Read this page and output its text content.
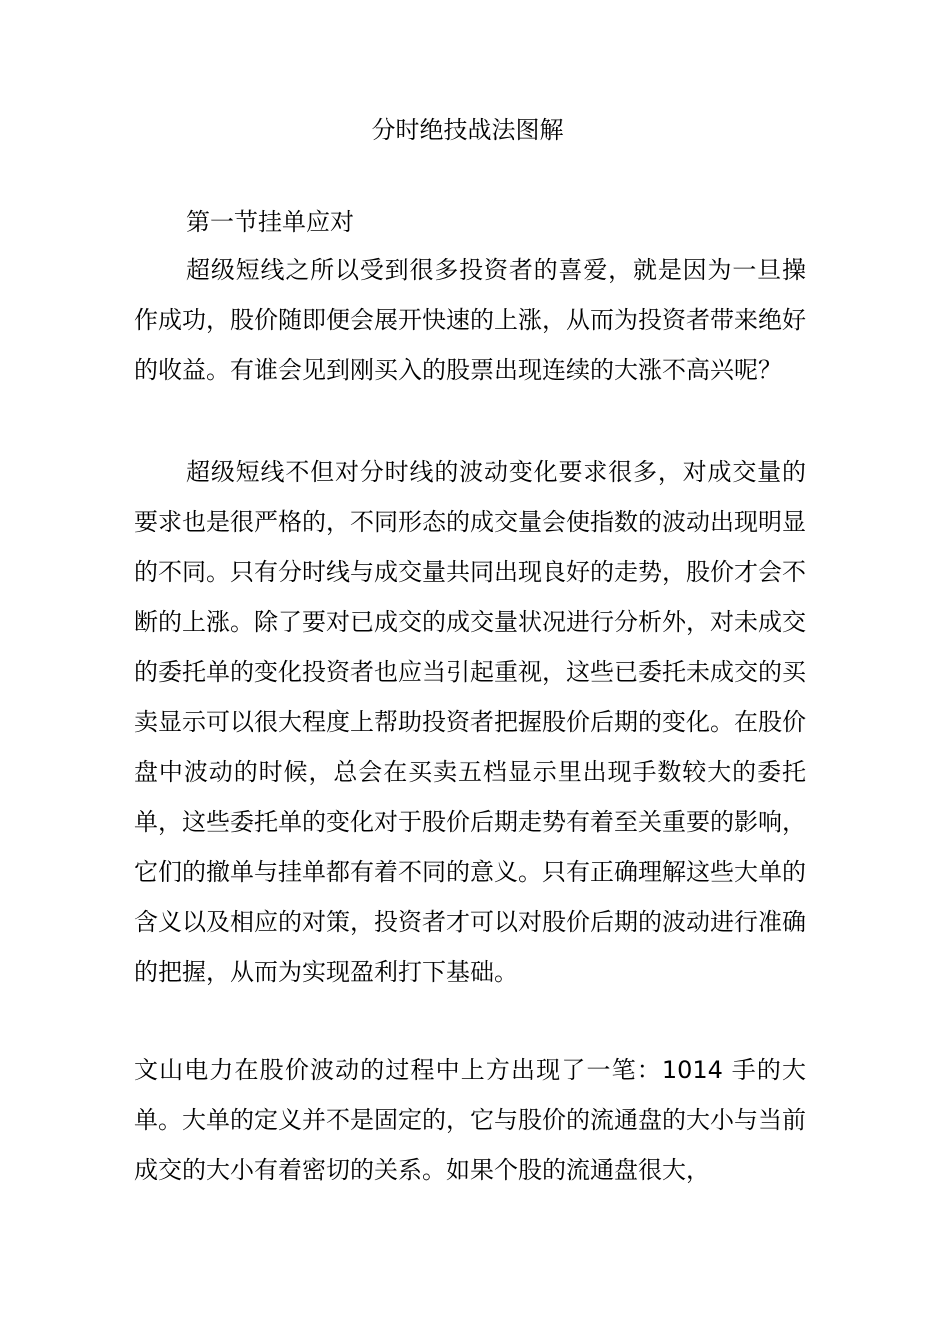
分时绝技战法图解
第一节挂单应对

超级短线之所以受到很多投资者的喜爱，就是因为一旦操作成功，股价随即便会展开快速的上涨，从而为投资者带来绝好的收益。有谁会见到刚买入的股票出现连续的大涨不高兴呢？

超级短线不但对分时线的波动变化要求很多，对成交量的要求也是很严格的，不同形态的成交量会使指数的波动出现明显的不同。只有分时线与成交量共同出现良好的走势，股价才会不断的上涨。除了要对已成交的成交量状况进行分析外，对未成交的委托单的变化投资者也应当引起重视，这些已委托未成交的买卖显示可以很大程度上帮助投资者把握股价后期的变化。在股价盘中波动的时候，总会在买卖五档显示里出现手数较大的委托单，这些委托单的变化对于股价后期走势有着至关重要的影响，它们的撤单与挂单都有着不同的意义。只有正确理解这些大单的含义以及相应的对策，投资者才可以对股价后期的波动进行准确的把握，从而为实现盈利打下基础。

文山电力在股价波动的过程中上方出现了一笔：1014 手的大单。大单的定义并不是固定的，它与股价的流通盘的大小与当前成交的大小有着密切的关系。如果个股的流通盘很大，
